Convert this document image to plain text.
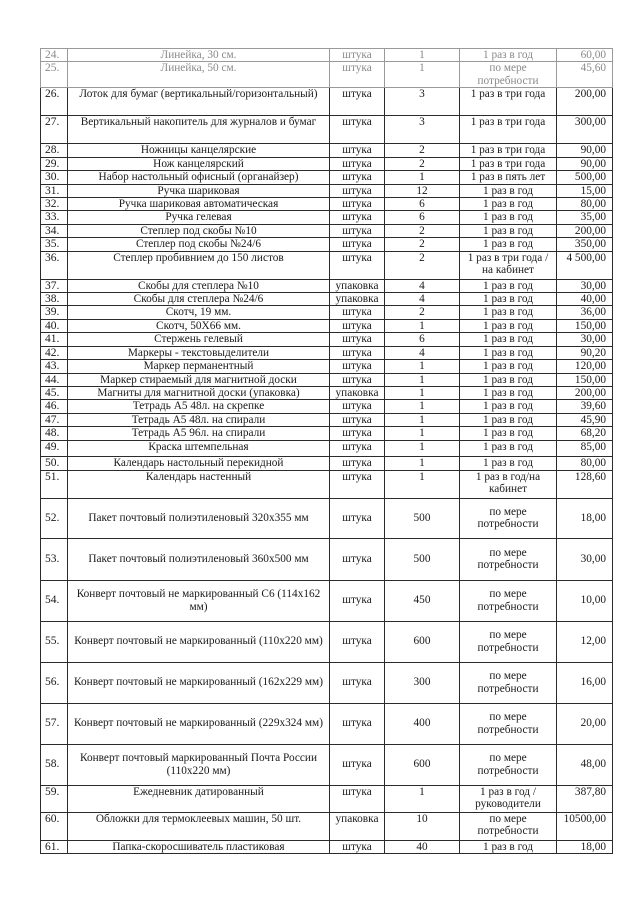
24.	Линейка, 30 см.	штука	1	1 раз в год	60,00
25.	Линейка, 50 см.	штука	1	по мере потребности	45,60
26.	Лоток для бумаг (вертикальный/горизонтальный)	штука	3	1 раз в три года	200,00
27.	Вертикальный накопитель для журналов и бумаг	штука	3	1 раз в три года	300,00
28.	Ножницы канцелярские	штука	2	1 раз в три года	90,00
29.	Нож канцелярский	штука	2	1 раз в три года	90,00
30.	Набор настольный офисный (органайзер)	штука	1	1 раз в пять лет	500,00
31.	Ручка шариковая	штука	12	1 раз в год	15,00
32.	Ручка шариковая автоматическая	штука	6	1 раз в год	80,00
33.	Ручка гелевая	штука	6	1 раз в год	35,00
34.	Степлер под скобы №10	штука	2	1 раз в год	200,00
35.	Степлер под скобы №24/6	штука	2	1 раз в год	350,00
36.	Степлер пробивнием до 150 листов	штука	2	1 раз в три года /на кабинет	4 500,00
37.	Скобы для степлера №10	упаковка	4	1 раз в год	30,00
38.	Скобы для степлера №24/6	упаковка	4	1 раз в год	40,00
39.	Скотч, 19 мм.	штука	2	1 раз в год	36,00
40.	Скотч, 50Х66 мм.	штука	1	1 раз в год	150,00
41.	Стержень гелевый	штука	6	1 раз в год	30,00
42.	Маркеры - текстовыделители	штука	4	1 раз в год	90,20
43.	Маркер перманентный	штука	1	1 раз в год	120,00
44.	Маркер стираемый для магнитной доски	штука	1	1 раз в год	150,00
45.	Магниты для магнитной доски (упаковка)	упаковка	1	1 раз в год	200,00
46.	Тетрадь А5 48л. на скрепке	штука	1	1 раз в год	39,60
47.	Тетрадь А5 48л. на спирали	штука	1	1 раз в год	45,90
48.	Тетрадь А5 96л. на спирали	штука	1	1 раз в год	68,20
49.	Краска штемпельная	штука	1	1 раз в год	85,00
50.	Календарь настольный перекидной	штука	1	1 раз в год	80,00
51.	Календарь настенный	штука	1	1 раз в год/на кабинет	128,60
52.	Пакет почтовый полиэтиленовый 320х355 мм	штука	500	по мере потребности	18,00
53.	Пакет почтовый полиэтиленовый 360х500 мм	штука	500	по мере потребности	30,00
54.	Конверт почтовый не маркированный С6 (114х162 мм)	штука	450	по мере потребности	10,00
55.	Конверт почтовый не маркированный (110х220 мм)	штука	600	по мере потребности	12,00
56.	Конверт почтовый не маркированный (162х229 мм)	штука	300	по мере потребности	16,00
57.	Конверт почтовый не маркированный (229х324 мм)	штука	400	по мере потребности	20,00
58.	Конверт почтовый маркированный Почта России (110х220 мм)	штука	600	по мере потребности	48,00
59.	Ежедневник датированный	штука	1	1 раз в год /руководители	387,80
60.	Обложки для термоклеевых машин, 50 шт.	упаковка	10	по мере потребности	10500,00
61.	Папка-скоросшиватель пластиковая	штука	40	1 раз в год	18,00
